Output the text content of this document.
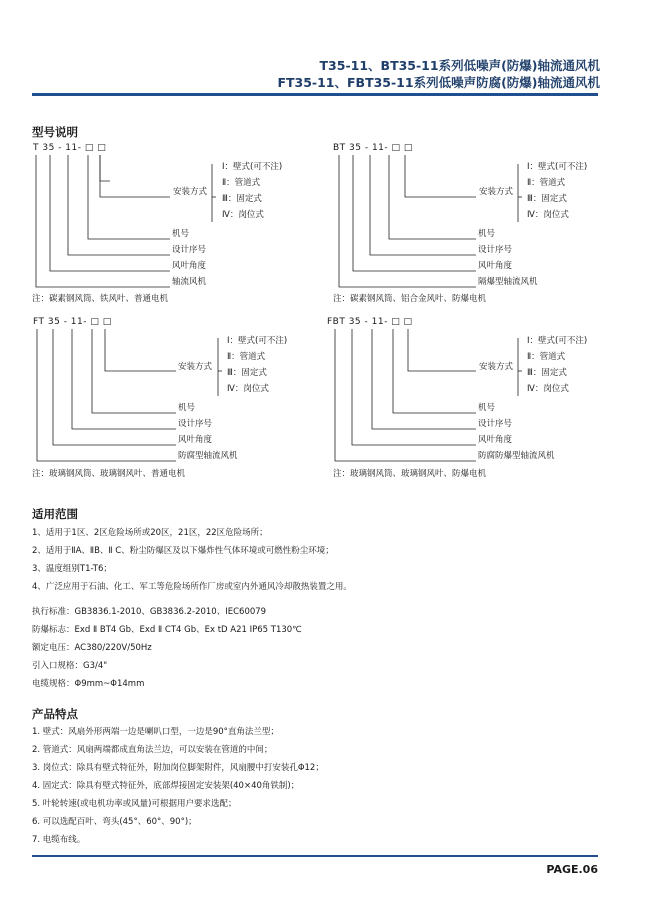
T35-11、BT35-11系列低噪声(防爆)轴流通风机
FT35-11、FBT35-11系列低噪声防腐(防爆)轴流通风机
型号说明
T 35 - 11- □ □
安装方式
Ⅰ：壁式(可不注)
Ⅱ：管道式
Ⅲ：固定式
Ⅳ：岗位式
机号
设计序号
风叶角度
轴流风机
注：碳素钢风筒、铁风叶、普通电机
BT 35 - 11- □ □
安装方式
Ⅰ：壁式(可不注)
Ⅱ：管道式
Ⅲ：固定式
Ⅳ：岗位式
机号
设计序号
风叶角度
隔爆型轴流风机
注：碳素钢风筒、铝合金风叶、防爆电机
FT 35 - 11- □ □
安装方式
Ⅰ：壁式(可不注)
Ⅱ：管道式
Ⅲ：固定式
Ⅳ：岗位式
机号
设计序号
风叶角度
防腐型轴流风机
注：玻璃钢风筒、玻璃钢风叶、普通电机
FBT 35 - 11- □ □
安装方式
Ⅰ：壁式(可不注)
Ⅱ：管道式
Ⅲ：固定式
Ⅳ：岗位式
机号
设计序号
风叶角度
防腐防爆型轴流风机
注：玻璃钢风筒、玻璃钢风叶、防爆电机
适用范围
1、适用于1区、2区危险场所或20区，21区，22区危险场所；
2、适用于ⅡA、ⅡB、Ⅱ C、粉尘防爆区及以下爆炸性气体环境或可燃性粉尘环境；
3、温度组别T1-T6；
4、广泛应用于石油、化工、军工等危险场所作厂房或室内外通风冷却散热装置之用。
执行标准：GB3836.1-2010、GB3836.2-2010、IEC60079
防爆标志：Exd Ⅱ BT4 Gb、Exd Ⅱ CT4 Gb、Ex tD A21 IP65 T130℃
额定电压：AC380/220V/50Hz
引入口规格：G3/4"
电缆规格：Φ9mm~Φ14mm
产品特点
1. 壁式：风扇外形两端一边是喇叭口型，一边是90°直角法兰型；
2. 管道式：风扇两端都成直角法兰边，可以安装在管道的中间；
3. 岗位式：除具有壁式特征外，附加岗位脚架附件，风扇腰中打安装孔Φ12；
4. 固定式：除具有壁式特征外，底部焊接固定安装架(40×40角铁制)；
5. 叶轮转速(或电机功率或风量)可根据用户要求选配；
6. 可以选配百叶、弯头(45°、60°、90°)；
7. 电缆布线。
PAGE.06
